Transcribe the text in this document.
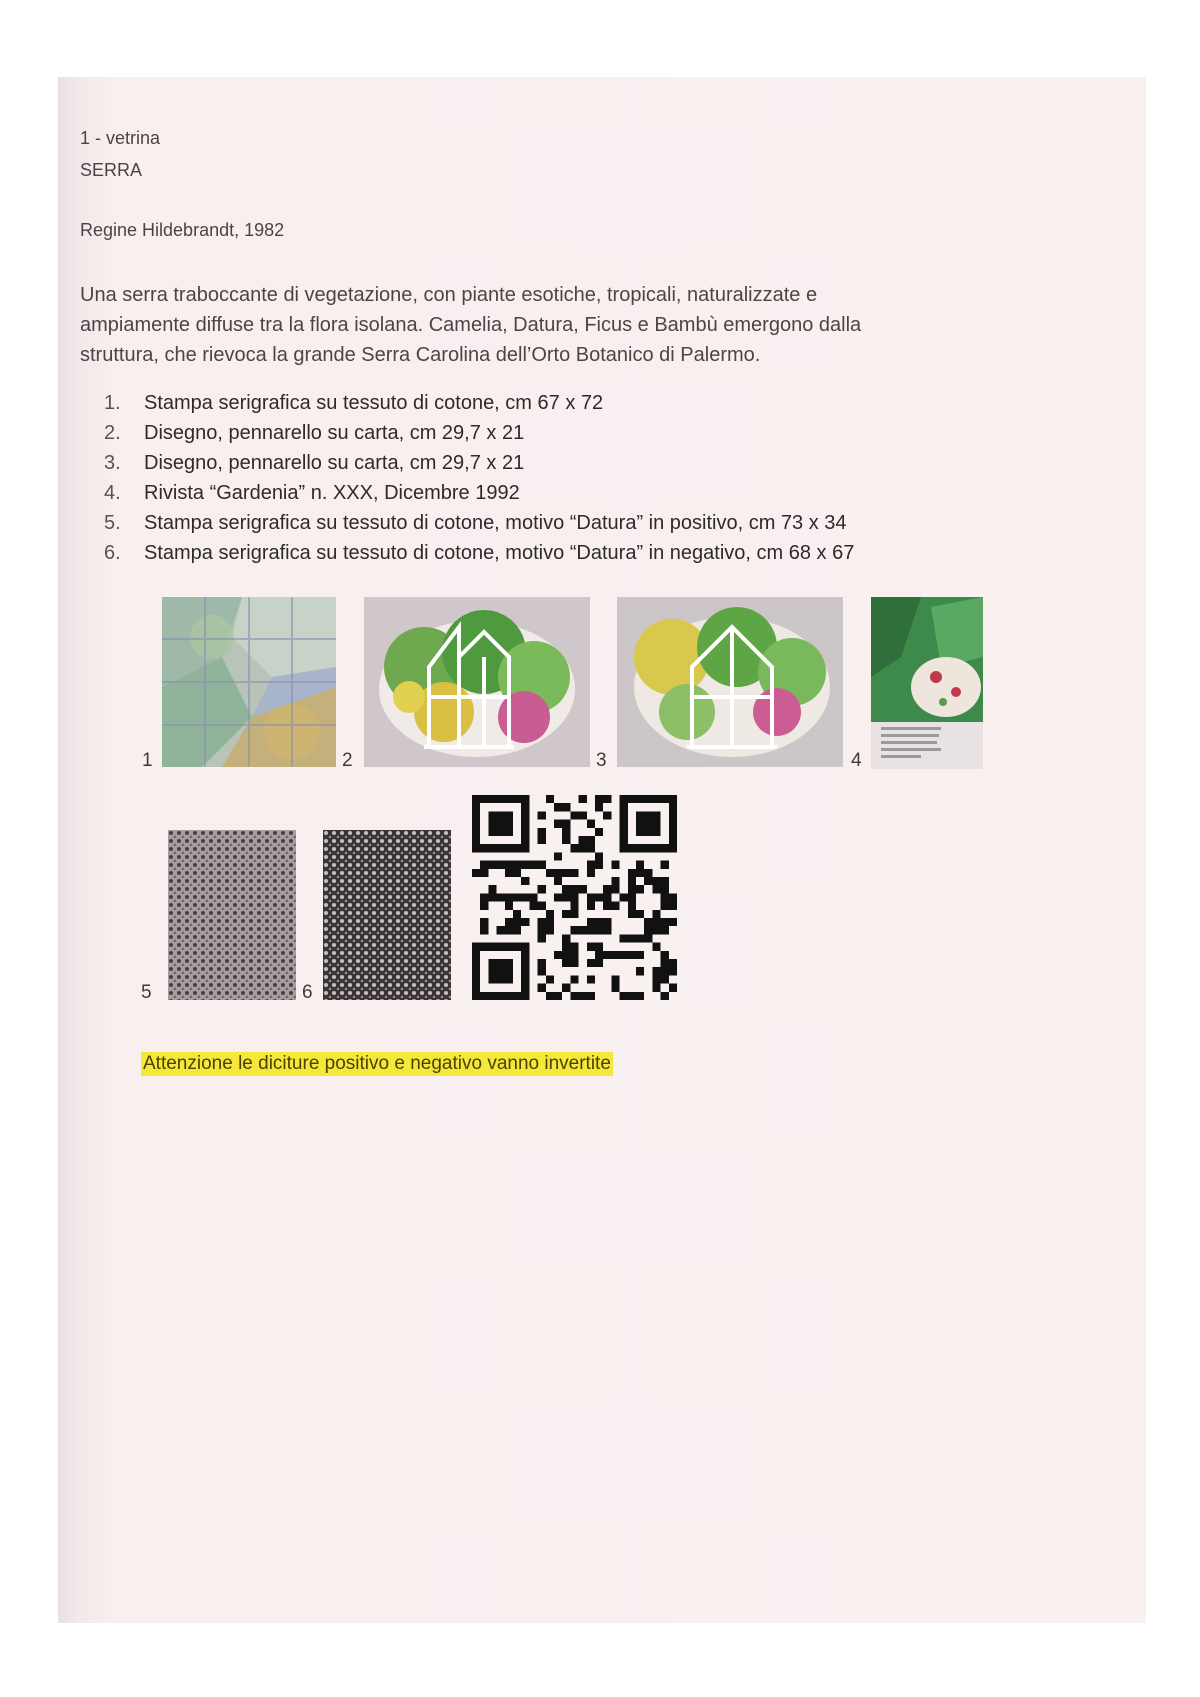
1 - vetrina
SERRA
Regine Hildebrandt, 1982
Una serra traboccante di vegetazione, con piante esotiche, tropicali, naturalizzate e
ampiamente diffuse tra la flora isolana. Camelia, Datura, Ficus e Bambù emergono dalla
struttura, che rievoca la grande Serra Carolina dell’Orto Botanico di Palermo.
1. Stampa serigrafica su tessuto di cotone, cm 67 x 72
2. Disegno, pennarello su carta, cm 29,7 x 21
3. Disegno, pennarello su carta, cm 29,7 x 21
4. Rivista “Gardenia” n. XXX, Dicembre 1992
5. Stampa serigrafica su tessuto di cotone, motivo “Datura” in positivo, cm 73 x 34
6. Stampa serigrafica su tessuto di cotone, motivo “Datura” in negativo, cm 68 x 67
1	2	3	4
5	6
Attenzione le diciture positivo e negativo vanno invertite
